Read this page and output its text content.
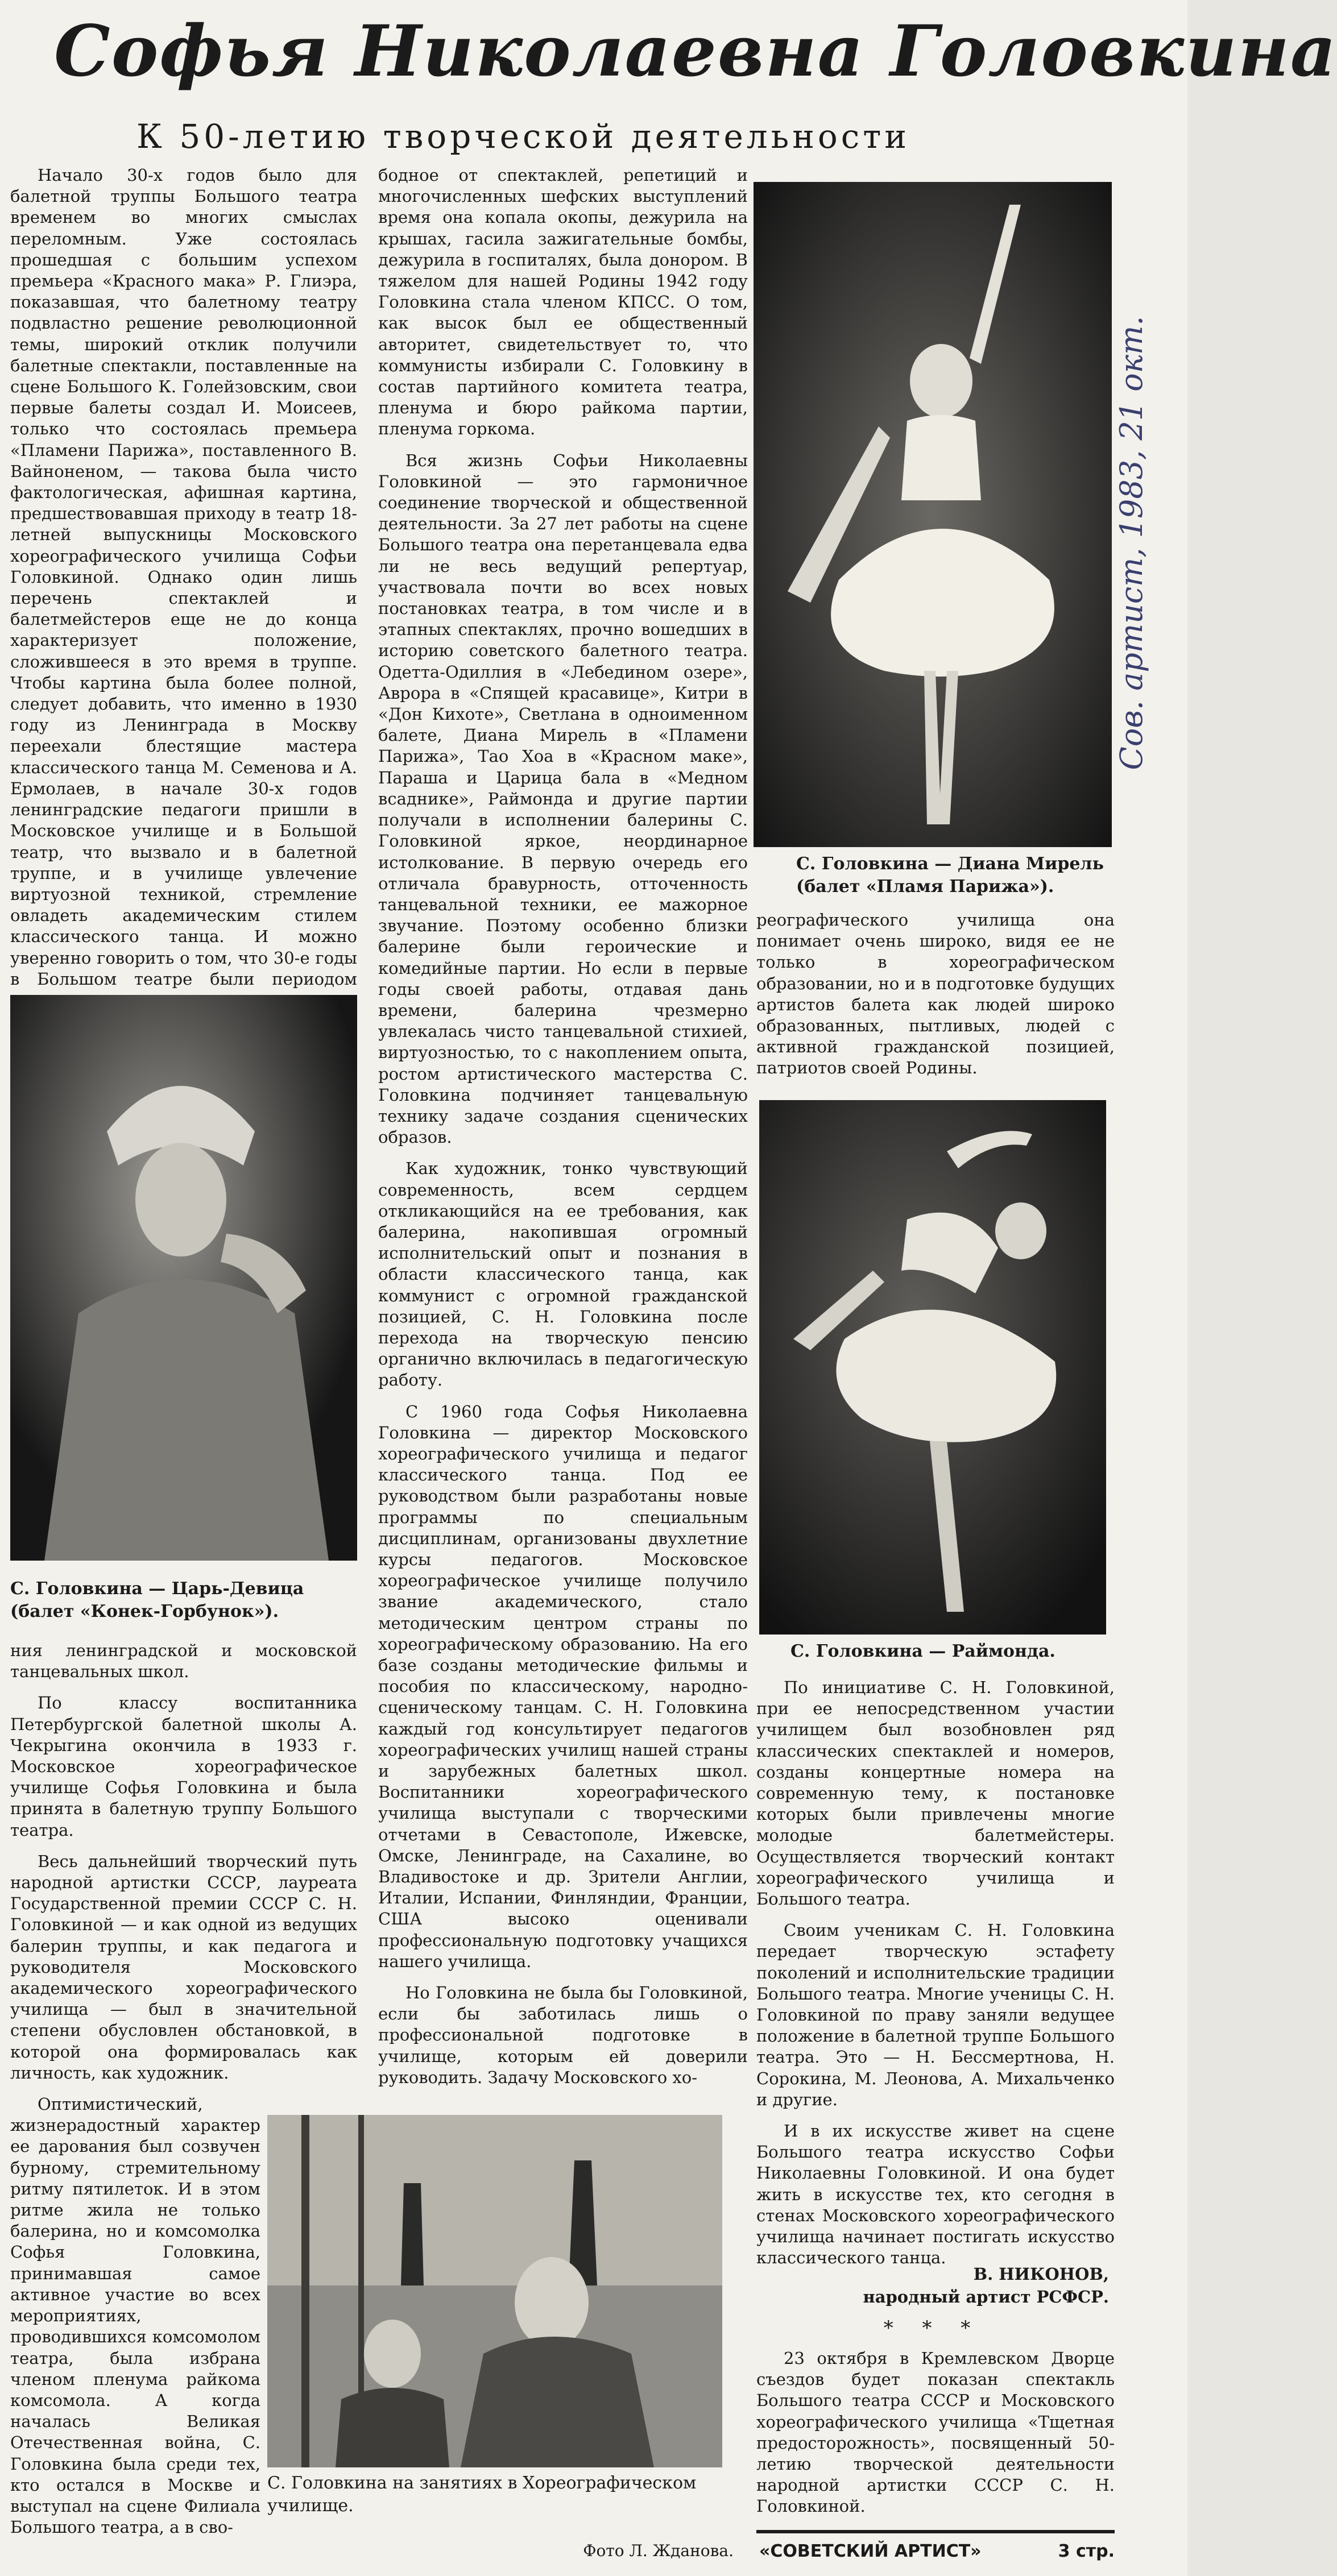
Софья Николаевна Головкина
К 50-летию творческой деятельности

Начало 30-х годов было для балетной труппы Большого театра временем во многих смыслах переломным. Уже состоялась прошедшая с большим успехом премьера «Красного мака» Р. Глиэра, показавшая, что балетному театру подвластно решение революционной темы, широкий отклик получили балетные спектакли, поставленные на сцене Большого К. Голейзовским, свои первые балеты создал И. Моисеев, только что состоялась премьера «Пламени Парижа», поставленного В. Вайноненом, — такова была чисто фактологическая, афишная картина, предшествовавшая приходу в театр 18-летней выпускницы Московского хореографического училища Софьи Головкиной. Однако один лишь перечень спектаклей и балетмейстеров еще не до конца характеризует положение, сложившееся в это время в труппе. Чтобы картина была более полной, следует добавить, что именно в 1930 году из Ленинграда в Москву переехали блестящие мастера классического танца М. Семенова и А. Ермолаев, в начале 30-х годов ленинградские педагоги пришли в Московское училище и в Большой театр, что вызвало и в балетной труппе, и в училище увлечение виртуозной техникой, стремление овладеть академическим стилем классического танца. И можно уверенно говорить о том, что 30-е годы в Большом театре были периодом

С. Головкина — Царь-Девица (балет «Конек-Горбунок»).

ния ленинградской и московской танцевальных школ.

По классу воспитанника Петербургской балетной школы А. Чекрыгина окончила в 1933 г. Московское хореографическое училище Софья Головкина и была принята в балетную труппу Большого театра.

Весь дальнейший творческий путь народной артистки СССР, лауреата Государственной премии СССР С. Н. Головкиной — и как одной из ведущих балерин труппы, и как педагога и руководителя Московского академического хореографического училища — был в значительной степени обусловлен обстановкой, в которой она формировалась как личность, как художник.

Оптимистический, жизнерадостный характер ее дарования был созвучен бурному, стремительному ритму пятилеток. И в этом ритме жила не только балерина, но и комсомолка Софья Головкина, принимавшая самое активное участие во всех мероприятиях, проводившихся комсомолом театра, была избрана членом пленума райкома комсомола. А когда началась Великая Отечественная война, С. Головкина была среди тех, кто остался в Москве и выступал на сцене Филиала Большого театра, а в сво-

бодное от спектаклей, репетиций и многочисленных шефских выступлений время она копала окопы, дежурила на крышах, гасила зажигательные бомбы, дежурила в госпиталях, была донором. В тяжелом для нашей Родины 1942 году Головкина стала членом КПСС. О том, как высок был ее общественный авторитет, свидетельствует то, что коммунисты избирали С. Головкину в состав партийного комитета театра, пленума и бюро райкома партии, пленума горкома.

Вся жизнь Софьи Николаевны Головкиной — это гармоничное соединение творческой и общественной деятельности. За 27 лет работы на сцене Большого театра она перетанцевала едва ли не весь ведущий репертуар, участвовала почти во всех новых постановках театра, в том числе и в этапных спектаклях, прочно вошедших в историю советского балетного театра. Одетта-Одиллия в «Лебедином озере», Аврора в «Спящей красавице», Китри в «Дон Кихоте», Светлана в одноименном балете, Диана Мирель в «Пламени Парижа», Тао Хоа в «Красном маке», Параша и Царица бала в «Медном всаднике», Раймонда и другие партии получали в исполнении балерины С. Головкиной яркое, неординарное истолкование. В первую очередь его отличала бравурность, отточенность танцевальной техники, ее мажорное звучание. Поэтому особенно близки балерине были героические и комедийные партии. Но если в первые годы своей работы, отдавая дань времени, балерина чрезмерно увлекалась чисто танцевальной стихией, виртуозностью, то с накоплением опыта, ростом артистического мастерства С. Головкина подчиняет танцевальную технику задаче создания сценических образов.

Как художник, тонко чувствующий современность, всем сердцем откликающийся на ее требования, как балерина, накопившая огромный исполнительский опыт и познания в области классического танца, как коммунист с огромной гражданской позицией, С. Н. Головкина после перехода на творческую пенсию органично включилась в педагогическую работу.

С 1960 года Софья Николаевна Головкина — директор Московского хореографического училища и педагог классического танца. Под ее руководством были разработаны новые программы по специальным дисциплинам, организованы двухлетние курсы педагогов. Московское хореографическое училище получило звание академического, стало методическим центром страны по хореографическому образованию. На его базе созданы методические фильмы и пособия по классическому, народно-сценическому танцам. С. Н. Головкина каждый год консультирует педагогов хореографических училищ нашей страны и зарубежных балетных школ. Воспитанники хореографического училища выступали с творческими отчетами в Севастополе, Ижевске, Омске, Ленинграде, на Сахалине, во Владивостоке и др. Зрители Англии, Италии, Испании, Финляндии, Франции, США высоко оценивали профессиональную подготовку учащихся нашего училища.

Но Головкина не была бы Головкиной, если бы заботилась лишь о профессиональной подготовке в училище, которым ей доверили руководить. Задачу Московского хо-

С. Головкина на занятиях в Хореографическом училище.
Фото Л. Жданова.
С. Головкина — Диана Мирель (балет «Пламя Парижа»).

реографического училища она понимает очень широко, видя ее не только в хореографическом образовании, но и в подготовке будущих артистов балета как людей широко образованных, пытливых, людей с активной гражданской позицией, патриотов своей Родины.

С. Головкина — Раймонда.

По инициативе С. Н. Головкиной, при ее непосредственном участии училищем был возобновлен ряд классических спектаклей и номеров, созданы концертные номера на современную тему, к постановке которых были привлечены многие молодые балетмейстеры. Осуществляется творческий контакт хореографического училища и Большого театра.

Своим ученикам С. Н. Головкина передает творческую эстафету поколений и исполнительские традиции Большого театра. Многие ученицы С. Н. Головкиной по праву заняли ведущее положение в балетной труппе Большого театра. Это — Н. Бессмертнова, Н. Сорокина, М. Леонова, А. Михальченко и другие.

И в их искусстве живет на сцене Большого театра искусство Софьи Николаевны Головкиной. И она будет жить в искусстве тех, кто сегодня в стенах Московского хореографического училища начинает постигать искусство классического танца.

В. НИКОНОВ,
народный артист РСФСР.
* * *

23 октября в Кремлевском Дворце съездов будет показан спектакль Большого театра СССР и Московского хореографического училища «Тщетная предосторожность», посвященный 50-летию творческой деятельности народной артистки СССР С. Н. Головкиной.

«СОВЕТСКИЙ АРТИСТ»	3 стр.
Сов. артист, 1983, 21 окт.
